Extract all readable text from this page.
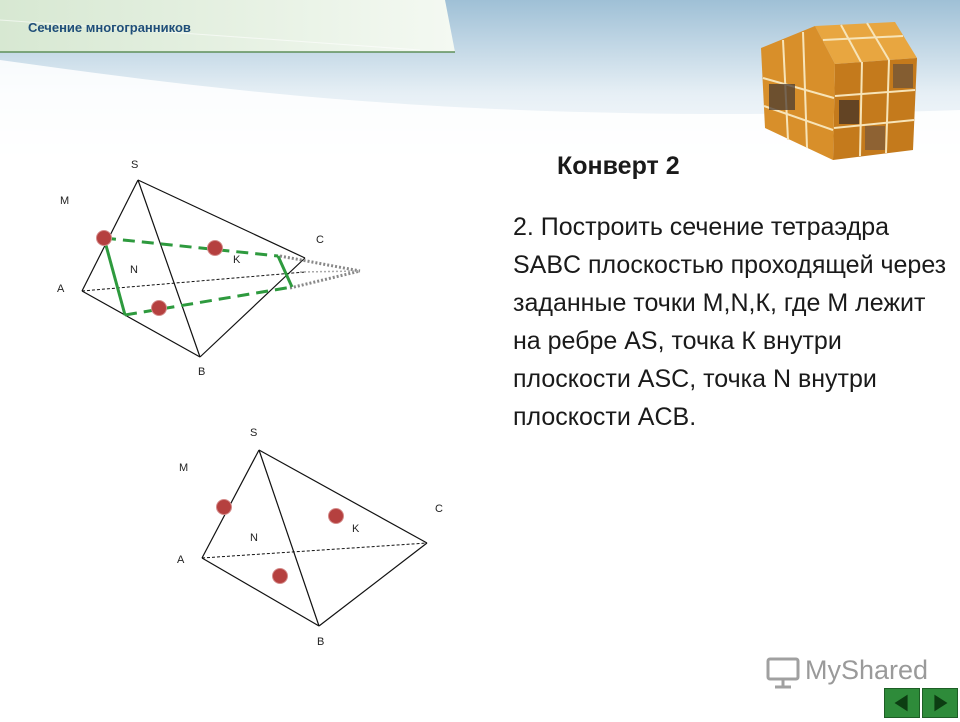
Сечение многогранников
Конверт 2
2. Построить сечение тетраэдра SABC плоскостью проходящей через заданные точки M,N,К, где M лежит на ребре AS, точка К внутри плоскости ASC, точка N внутри плоскости ACB.
S
M
C
K
N
A
B
S
M
C
K
N
A
B
MyShared
